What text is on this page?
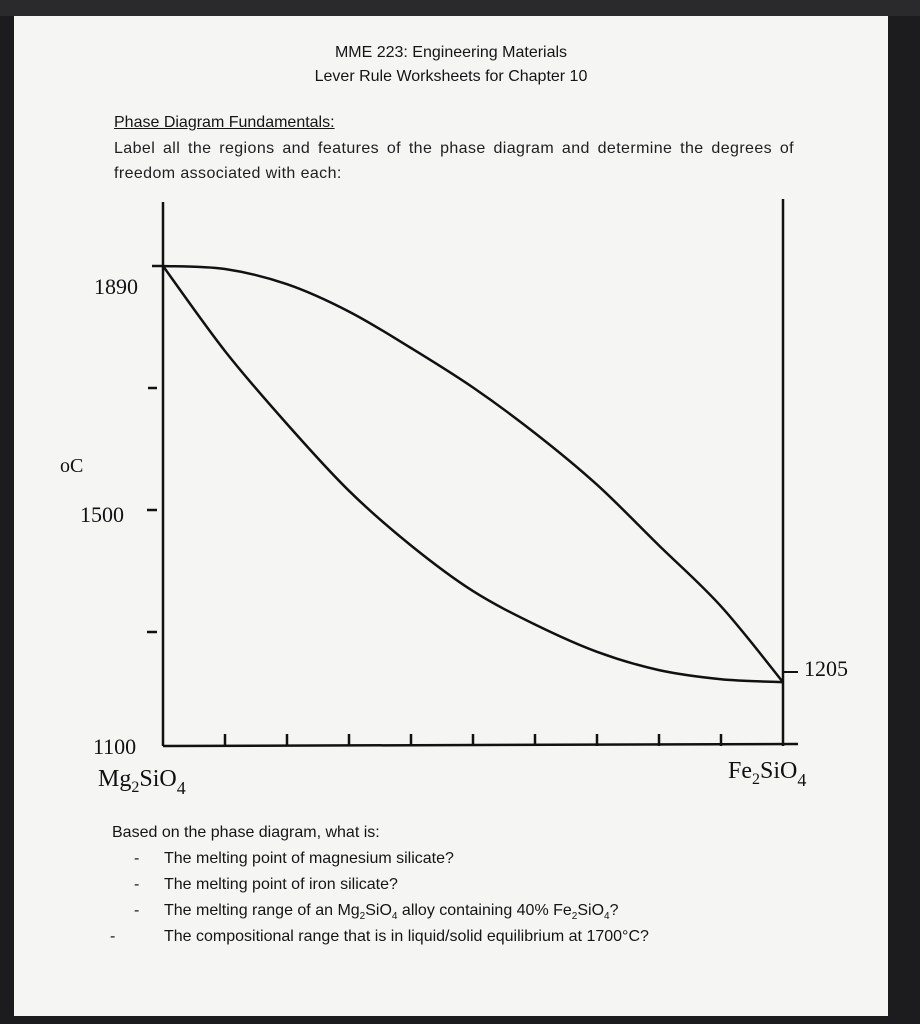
MME 223: Engineering Materials
Lever Rule Worksheets for Chapter 10
Phase Diagram Fundamentals:
Label all the regions and features of the phase diagram and determine the degrees of freedom associated with each:
1890
oC
1500
1100
1205
$Mg_2SiO_4$
$Fe_2SiO_4$
Based on the phase diagram, what is:
- The melting point of magnesium silicate?
- The melting point of iron silicate?
- The melting range of an $Mg_2SiO_4$ alloy containing 40% $Fe_2SiO_4$?
-	The compositional range that is in liquid/solid equilibrium at 1700°C?
